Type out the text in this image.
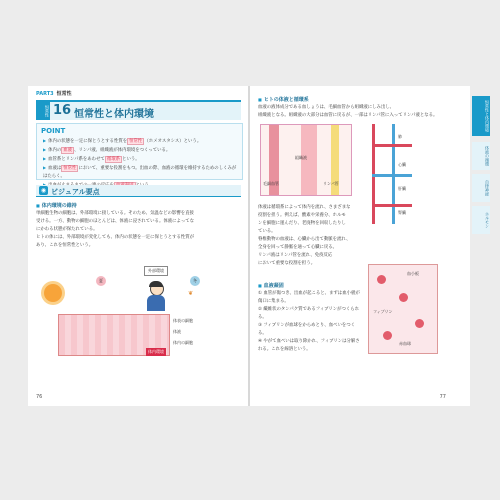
PART3 恒常性
恒常性 16 恒常性と体内環境
POINT
▶ 体内の状態を一定に保とうとする性質を 恒常性 （ホメオスタシス）という。
▶ 体内の 血液 、リンパ液、組織液が体内環境をつくっている。
▶ 血管系とリンパ系をあわせて 循環系 という。
▶ 血液は 恒常性 において、重要な役割をもつ。出血の際、血液の循環を維持するためのしくみがはたらく。
▶
◉ ビジュアル要点
■ 体内環境の維持
単細胞生物の細胞は、外部環境に接している。そのため、気温などの影響を直接
受ける。一方、動物の細胞のほとんどは、体液に浸されている。体液によってな
にかわる状態が保たれている。
ヒトの体には、外部環境が変化しても、体内の状態を一定に保とうとする性質が
あり、これを恒常性という。
夏	冬
外部環境
❦
体表の細胞
体液
体内の細胞
体内環境
76
■ ヒトの体液と循環系
血液の液体成分である血しょうは、毛細血管から組織液にしみ出し、
組織液となる。組織液の大部分は血管に戻るが、一部はリンパ管に入ってリンパ液となる。
毛細血管
組織液
リンパ管
肺
心臓
肝臓
腎臓
体液は循環系によって体内を流れ、さまざまな
役割を担う。例えば、酸素や栄養分、ホルモ
ンを細胞に運んだり、老廃物を回収したりし
ている。
脊椎動物の血液は、心臓から出て動脈を流れ、
全身を回って静脈を通って心臓に戻る。
リンパ液はリンパ管を流れ、免疫反応
において重要な役割を担う。
■ 血液凝固
① 血管が傷つき、出血が起こると、まずは血小板が傷口に集まる。
② 繊維状のタンパク質であるフィブリンがつくられる。
③ フィブリンが血球をからめとり、血ぺいをつくる。
④ やがて血ぺいは取り除かれ、フィブリンは分解される。これを線溶という。
血小板
フィブリン
赤血球
恒常性と体内環境
体液の循環
自律神経
ホルモン
77
